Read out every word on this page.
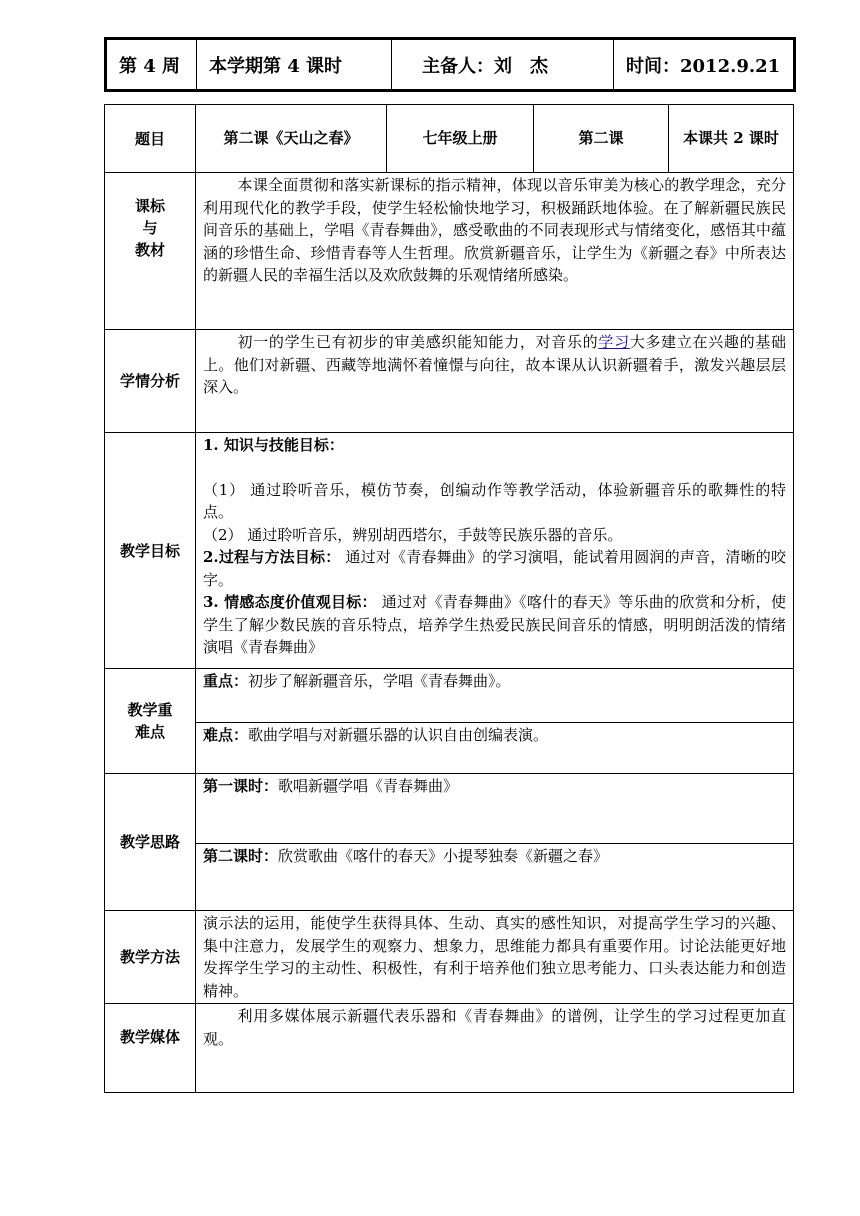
第 4 周	本学期第 4 课时	主备人：刘　杰	时间：2012.9.21
题目	第二课《天山之春》	七年级上册	第二课	本课共 2 课时

课标
与
教材	本课全面贯彻和落实新课标的指示精神，体现以音乐审美为核心的教学理念，充分利用现代化的教学手段，使学生轻松愉快地学习，积极踊跃地体验。在了解新疆民族民间音乐的基础上，学唱《青春舞曲》，感受歌曲的不同表现形式与情绪变化，感悟其中蕴涵的珍惜生命、珍惜青春等人生哲理。欣赏新疆音乐，让学生为《新疆之春》中所表达的新疆人民的幸福生活以及欢欣鼓舞的乐观情绪所感染。			

学情分析	初一的学生已有初步的审美感织能知能力，对音乐的学习大多建立在兴趣的基础上。他们对新疆、西藏等地满怀着憧憬与向往，故本课从认识新疆着手，激发兴趣层层深入。			

教学目标	1. 知识与技能目标：

（1） 通过聆听音乐，模仿节奏，创编动作等教学活动，体验新疆音乐的歌舞性的特点。

（2） 通过聆听音乐，辨别胡西塔尔，手鼓等民族乐器的音乐。

2.过程与方法目标： 通过对《青春舞曲》的学习演唱，能试着用圆润的声音，清晰的咬字。

3. 情感态度价值观目标： 通过对《青春舞曲》《喀什的春天》等乐曲的欣赏和分析，使学生了解少数民族的音乐特点，培养学生热爱民族民间音乐的情感，明明朗活泼的情绪演唱《青春舞曲》			

教学重
难点	重点：初步了解新疆音乐，学唱《青春舞曲》。			
	难点：歌曲学唱与对新疆乐器的认识自由创编表演。			
教学思路	第一课时：歌唱新疆学唱《青春舞曲》			
	第二课时：欣赏歌曲《喀什的春天》小提琴独奏《新疆之春》			
教学方法	演示法的运用，能使学生获得具体、生动、真实的感性知识，对提高学生学习的兴趣、集中注意力，发展学生的观察力、想象力，思维能力都具有重要作用。讨论法能更好地发挥学生学习的主动性、积极性，有利于培养他们独立思考能力、口头表达能力和创造精神。			

教学媒体	利用多媒体展示新疆代表乐器和《青春舞曲》的谱例，让学生的学习过程更加直观。			
